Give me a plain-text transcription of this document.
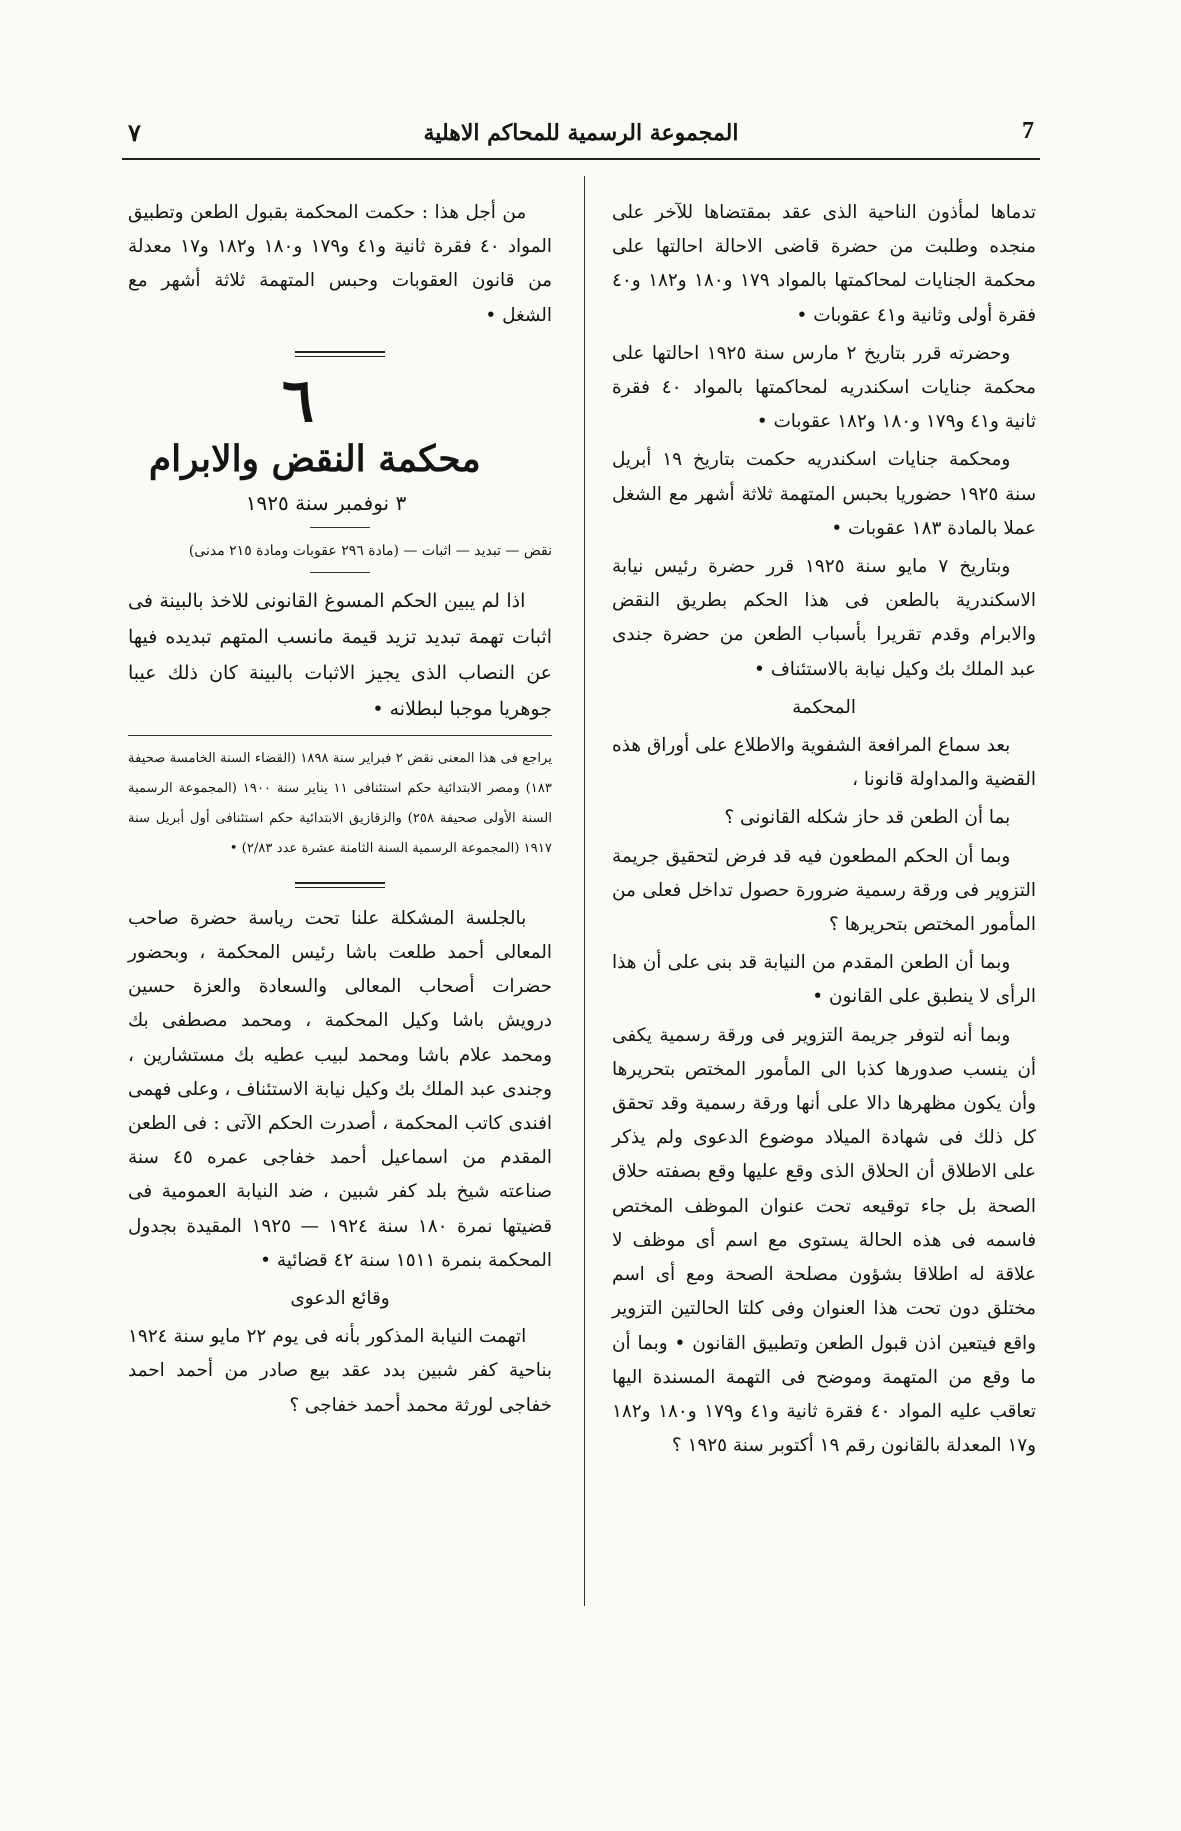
٧	المجموعة الرسمية للمحاكم الاهلية	7

تدماها لمأذون الناحية الذى عقد بمقتضاها للآخر على منجده وطلبت من حضرة قاضى الاحالة احالتها على محكمة الجنايات لمحاكمتها بالمواد ١٧٩ و١٨٠ و١٨٢ و٤٠ فقرة أولى وثانية و٤١ عقوبات •

وحضرته قرر بتاريخ ٢ مارس سنة ١٩٢٥ احالتها على محكمة جنايات اسكندريه لمحاكمتها بالمواد ٤٠ فقرة ثانية و٤١ و١٧٩ و١٨٠ و١٨٢ عقوبات •

ومحكمة جنايات اسكندريه حكمت بتاريخ ١٩ أبريل سنة ١٩٢٥ حضوريا بحبس المتهمة ثلاثة أشهر مع الشغل عملا بالمادة ١٨٣ عقوبات •

وبتاريخ ٧ مايو سنة ١٩٢٥ قرر حضرة رئيس نيابة الاسكندرية بالطعن فى هذا الحكم بطريق النقض والابرام وقدم تقريرا بأسباب الطعن من حضرة جندى عبد الملك بك وكيل نيابة بالاستئناف •

المحكمة

بعد سماع المرافعة الشفوية والاطلاع على أوراق هذه القضية والمداولة قانونا ،

بما أن الطعن قد حاز شكله القانونى ؟

وبما أن الحكم المطعون فيه قد فرض لتحقيق جريمة التزوير فى ورقة رسمية ضرورة حصول تداخل فعلى من المأمور المختص بتحريرها ؟

وبما أن الطعن المقدم من النيابة قد بنى على أن هذا الرأى لا ينطبق على القانون •

وبما أنه لتوفر جريمة التزوير فى ورقة رسمية يكفى أن ينسب صدورها كذبا الى المأمور المختص بتحريرها وأن يكون مظهرها دالا على أنها ورقة رسمية وقد تحقق كل ذلك فى شهادة الميلاد موضوع الدعوى ولم يذكر على الاطلاق أن الحلاق الذى وقع عليها وقع بصفته حلاق الصحة بل جاء توقيعه تحت عنوان الموظف المختص فاسمه فى هذه الحالة يستوى مع اسم أى موظف لا علاقة له اطلاقا بشؤون مصلحة الصحة ومع أى اسم مختلق دون تحت هذا العنوان وفى كلتا الحالتين التزوير واقع فيتعين اذن قبول الطعن وتطبيق القانون • وبما أن ما وقع من المتهمة وموضح فى التهمة المسندة اليها تعاقب عليه المواد ٤٠ فقرة ثانية و٤١ و١٧٩ و١٨٠ و١٨٢ و١٧ المعدلة بالقانون رقم ١٩ أكتوبر سنة ١٩٢٥ ؟

من أجل هذا : حكمت المحكمة بقبول الطعن وتطبيق المواد ٤٠ فقرة ثانية و٤١ و١٧٩ و١٨٠ و١٨٢ و١٧ معدلة من قانون العقوبات وحبس المتهمة ثلاثة أشهر مع الشغل •

٦

محكمة النقض والابرام

٣ نوفمبر سنة ١٩٢٥

نقض — تبديد — اثبات — (مادة ٢٩٦ عقوبات ومادة ٢١٥ مدنى)

اذا لم يبين الحكم المسوغ القانونى للاخذ بالبينة فى اثبات تهمة تبديد تزيد قيمة مانسب المتهم تبديده فيها عن النصاب الذى يجيز الاثبات بالبينة كان ذلك عيبا جوهريا موجبا لبطلانه •

يراجع فى هذا المعنى نقض ٢ فبراير سنة ١٨٩٨ (القضاء السنة الخامسة صحيفة ١٨٣) ومصر الابتدائية حكم استئنافى ١١ يناير سنة ١٩٠٠ (المجموعة الرسمية السنة الأولى صحيفة ٢٥٨) والزقازيق الابتدائية حكم استئنافى أول أبريل سنة ١٩١٧ (المجموعة الرسمية السنة الثامنة عشرة عدد ٢/٨٣) •

بالجلسة المشكلة علنا تحت رياسة حضرة صاحب المعالى أحمد طلعت باشا رئيس المحكمة ، وبحضور حضرات أصحاب المعالى والسعادة والعزة حسين درويش باشا وكيل المحكمة ، ومحمد مصطفى بك ومحمد علام باشا ومحمد لبيب عطيه بك مستشارين ، وجندى عبد الملك بك وكيل نيابة الاستئناف ، وعلى فهمى افندى كاتب المحكمة ، أصدرت الحكم الآتى : فى الطعن المقدم من اسماعيل أحمد خفاجى عمره ٤٥ سنة صناعته شيخ بلد كفر شبين ، ضد النيابة العمومية فى قضيتها نمرة ١٨٠ سنة ١٩٢٤ — ١٩٢٥ المقيدة بجدول المحكمة بنمرة ١٥١١ سنة ٤٢ قضائية •

وقائع الدعوى

اتهمت النيابة المذكور بأنه فى يوم ٢٢ مايو سنة ١٩٢٤ بناحية كفر شبين بدد عقد بيع صادر من أحمد احمد خفاجى لورثة محمد أحمد خفاجى ؟
